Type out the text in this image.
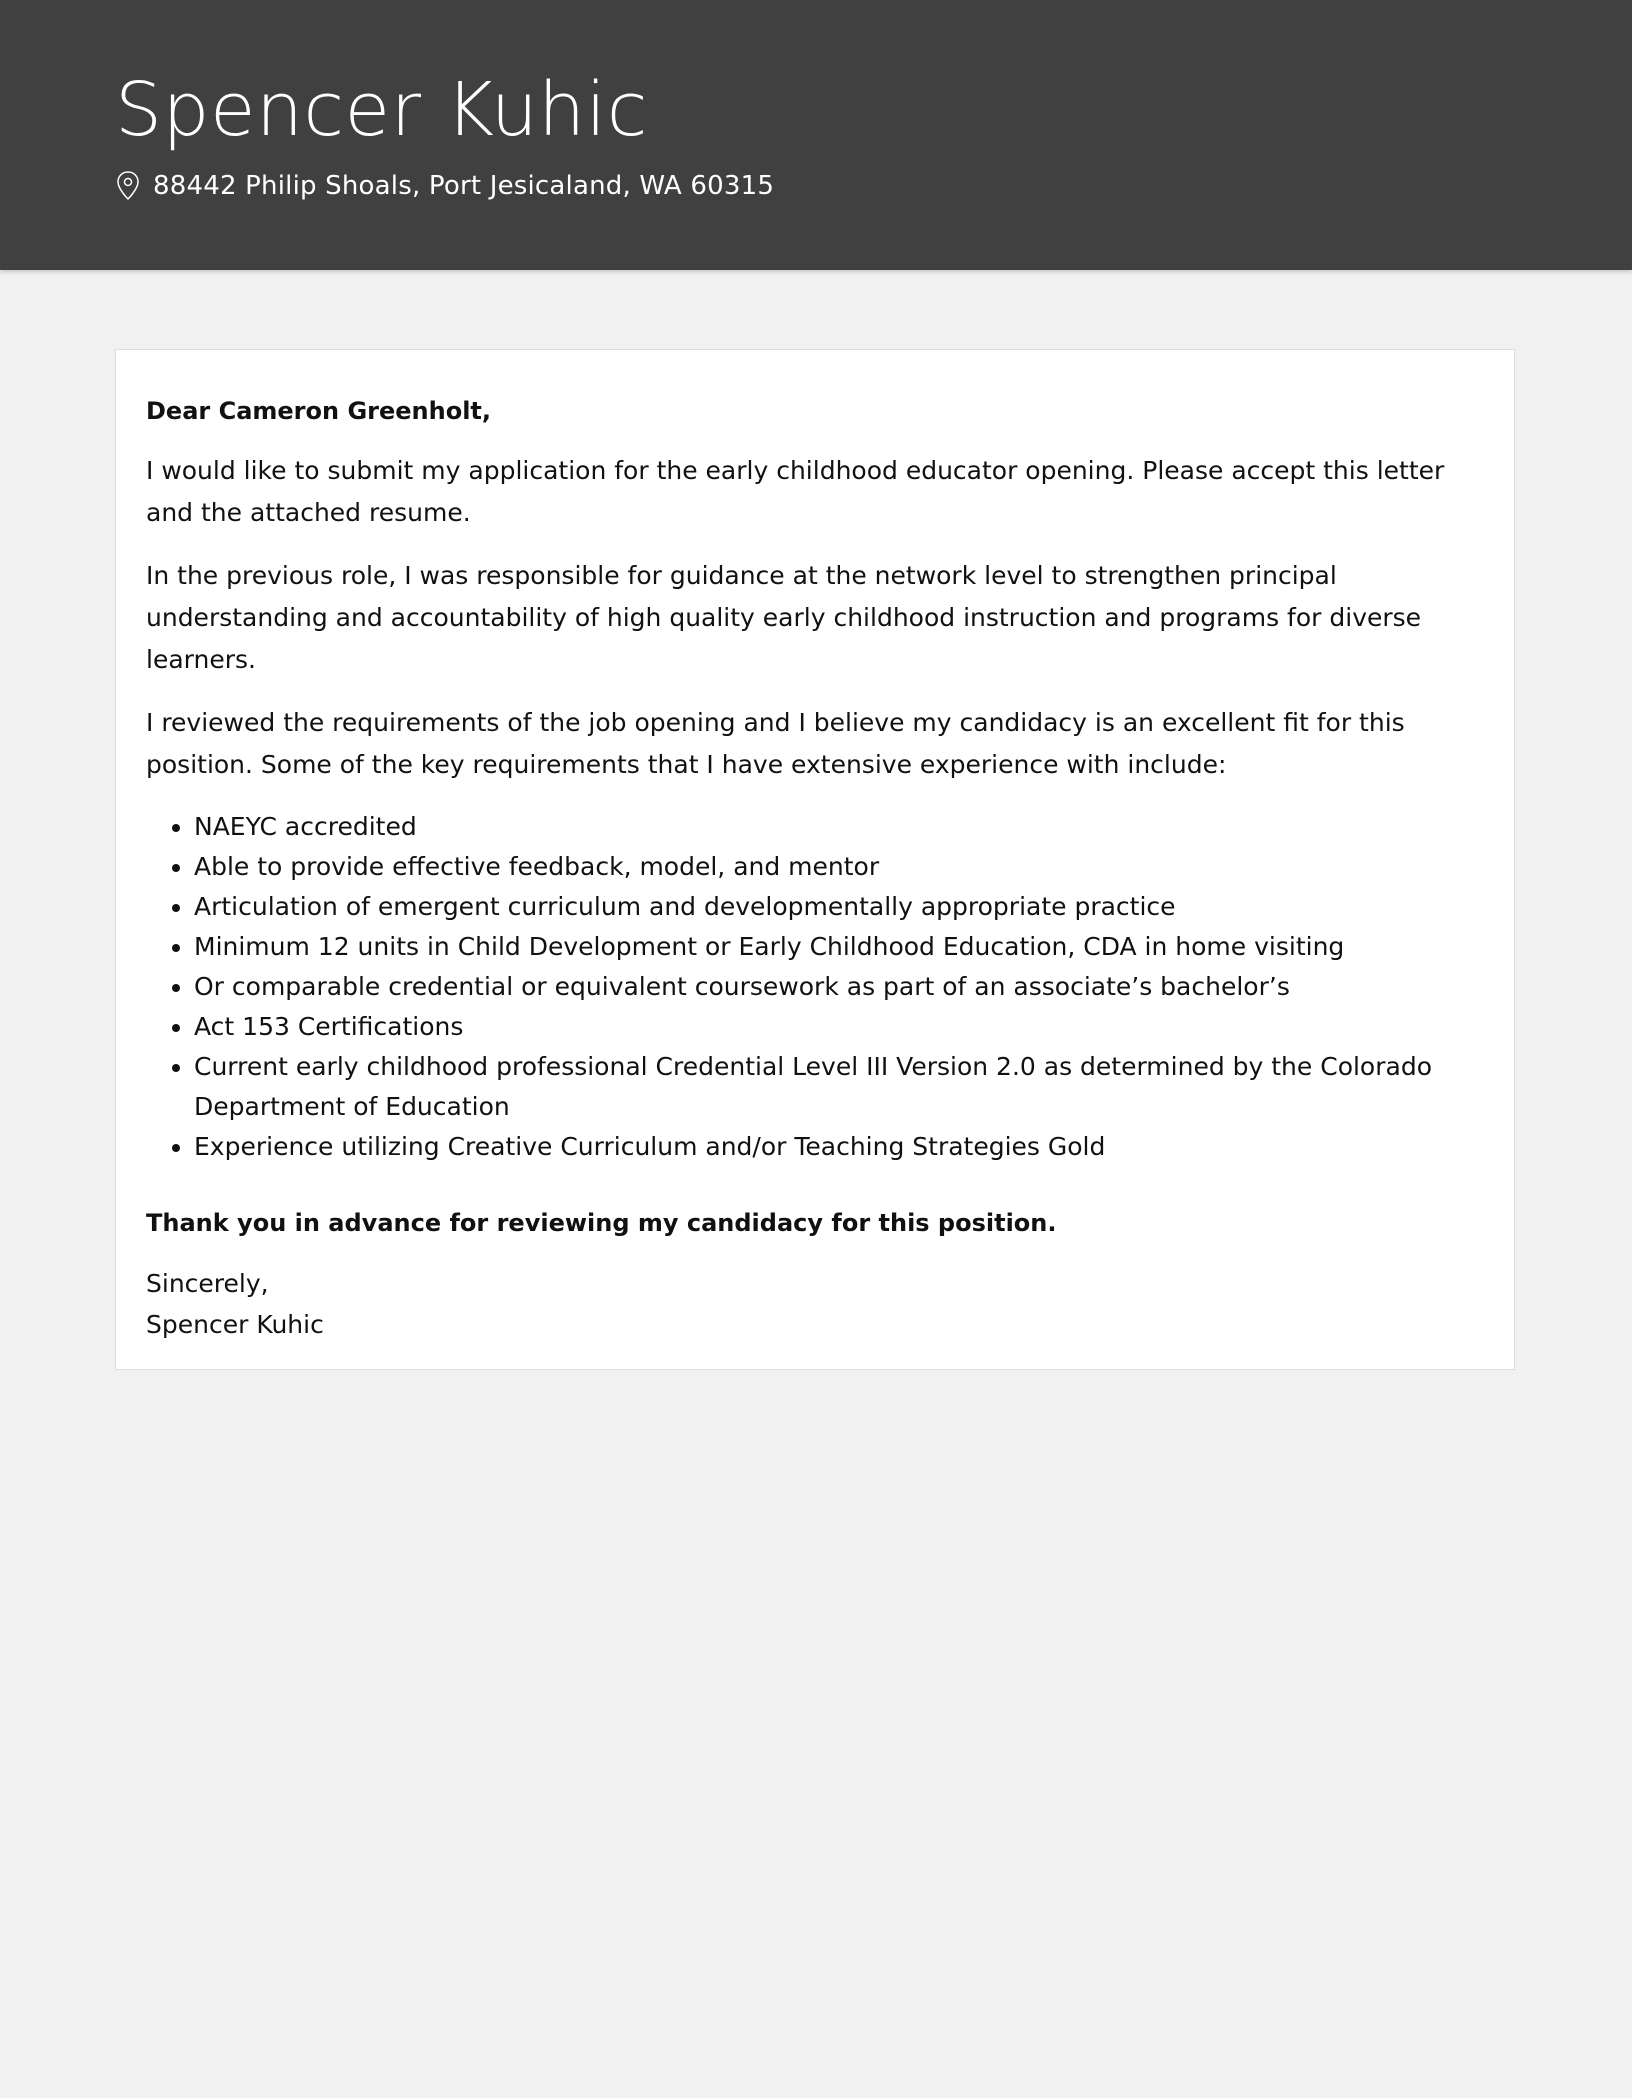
Spencer Kuhic
88442 Philip Shoals, Port Jesicaland, WA 60315

Dear Cameron Greenholt,

I would like to submit my application for the early childhood educator opening. Please accept this letter and the attached resume.

In the previous role, I was responsible for guidance at the network level to strengthen principal understanding and accountability of high quality early childhood instruction and programs for diverse learners.

I reviewed the requirements of the job opening and I believe my candidacy is an excellent fit for this position. Some of the key requirements that I have extensive experience with include:

• NAEYC accredited
• Able to provide effective feedback, model, and mentor
• Articulation of emergent curriculum and developmentally appropriate practice
• Minimum 12 units in Child Development or Early Childhood Education, CDA in home visiting
• Or comparable credential or equivalent coursework as part of an associate’s bachelor’s
• Act 153 Certifications
• Current early childhood professional Credential Level III Version 2.0 as determined by the Colorado Department of Education
• Experience utilizing Creative Curriculum and/or Teaching Strategies Gold

Thank you in advance for reviewing my candidacy for this position.

Sincerely,
Spencer Kuhic
